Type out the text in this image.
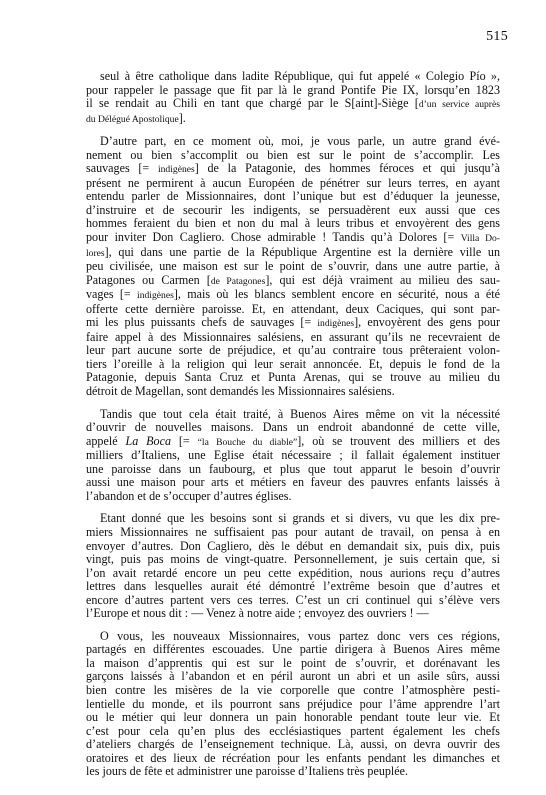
515

seul à être catholique dans ladite République, qui fut appelé « Colegio Pío »,
pour rappeler le passage que fit par là le grand Pontife Pie IX, lorsqu’en 1823
il se rendait au Chili en tant que chargé par le S[aint]-Siège [d’un service auprès
du Délégué Apostolique].

D’autre part, en ce moment où, moi, je vous parle, un autre grand évé-
nement ou bien s’accomplit ou bien est sur le point de s’accomplir. Les
sauvages [= indigènes] de la Patagonie, des hommes féroces et qui jusqu’à
présent ne permirent à aucun Européen de pénétrer sur leurs terres, en ayant
entendu parler de Missionnaires, dont l’unique but est d’éduquer la jeunesse,
d’instruire et de secourir les indigents, se persuadèrent eux aussi que ces
hommes feraient du bien et non du mal à leurs tribus et envoyèrent des gens
pour inviter Don Cagliero. Chose admirable ! Tandis qu’à Dolores [= Villa Do-
lores], qui dans une partie de la République Argentine est la dernière ville un
peu civilisée, une maison est sur le point de s’ouvrir, dans une autre partie, à
Patagones ou Carmen [de Patagones], qui est déjà vraiment au milieu des sau-
vages [= indigènes], mais où les blancs semblent encore en sécurité, nous a été
offerte cette dernière paroisse. Et, en attendant, deux Caciques, qui sont par-
mi les plus puissants chefs de sauvages [= indigènes], envoyèrent des gens pour
faire appel à des Missionnaires salésiens, en assurant qu’ils ne recevraient de
leur part aucune sorte de préjudice, et qu’au contraire tous prêteraient volon-
tiers l’oreille à la religion qui leur serait annoncée. Et, depuis le fond de la
Patagonie, depuis Santa Cruz et Punta Arenas, qui se trouve au milieu du
détroit de Magellan, sont demandés les Missionnaires salésiens.

Tandis que tout cela était traité, à Buenos Aires même on vit la nécessité
d’ouvrir de nouvelles maisons. Dans un endroit abandonné de cette ville,
appelé La Boca [= “la Bouche du diable”], où se trouvent des milliers et des
milliers d’Italiens, une Eglise était nécessaire ; il fallait également instituer
une paroisse dans un faubourg, et plus que tout apparut le besoin d’ouvrir
aussi une maison pour arts et métiers en faveur des pauvres enfants laissés à
l’abandon et de s’occuper d’autres églises.

Etant donné que les besoins sont si grands et si divers, vu que les dix pre-
miers Missionnaires ne suffisaient pas pour autant de travail, on pensa à en
envoyer d’autres. Don Cagliero, dès le début en demandait six, puis dix, puis
vingt, puis pas moins de vingt-quatre. Personnellement, je suis certain que, si
l’on avait retardé encore un peu cette expédition, nous aurions reçu d’autres
lettres dans lesquelles aurait été démontré l’extrême besoin que d’autres et
encore d’autres partent vers ces terres. C’est un cri continuel qui s’élève vers
l’Europe et nous dit : — Venez à notre aide ; envoyez des ouvriers ! —

O vous, les nouveaux Missionnaires, vous partez donc vers ces régions,
partagés en différentes escouades. Une partie dirigera à Buenos Aires même
la maison d’apprentis qui est sur le point de s’ouvrir, et dorénavant les
garçons laissés à l’abandon et en péril auront un abri et un asile sûrs, aussi
bien contre les misères de la vie corporelle que contre l’atmosphère pesti-
lentielle du monde, et ils pourront sans préjudice pour l’âme apprendre l’art
ou le métier qui leur donnera un pain honorable pendant toute leur vie. Et
c’est pour cela qu’en plus des ecclésiastiques partent également les chefs
d’ateliers chargés de l’enseignement technique. Là, aussi, on devra ouvrir des
oratoires et des lieux de récréation pour les enfants pendant les dimanches et
les jours de fête et administrer une paroisse d’Italiens très peuplée.
